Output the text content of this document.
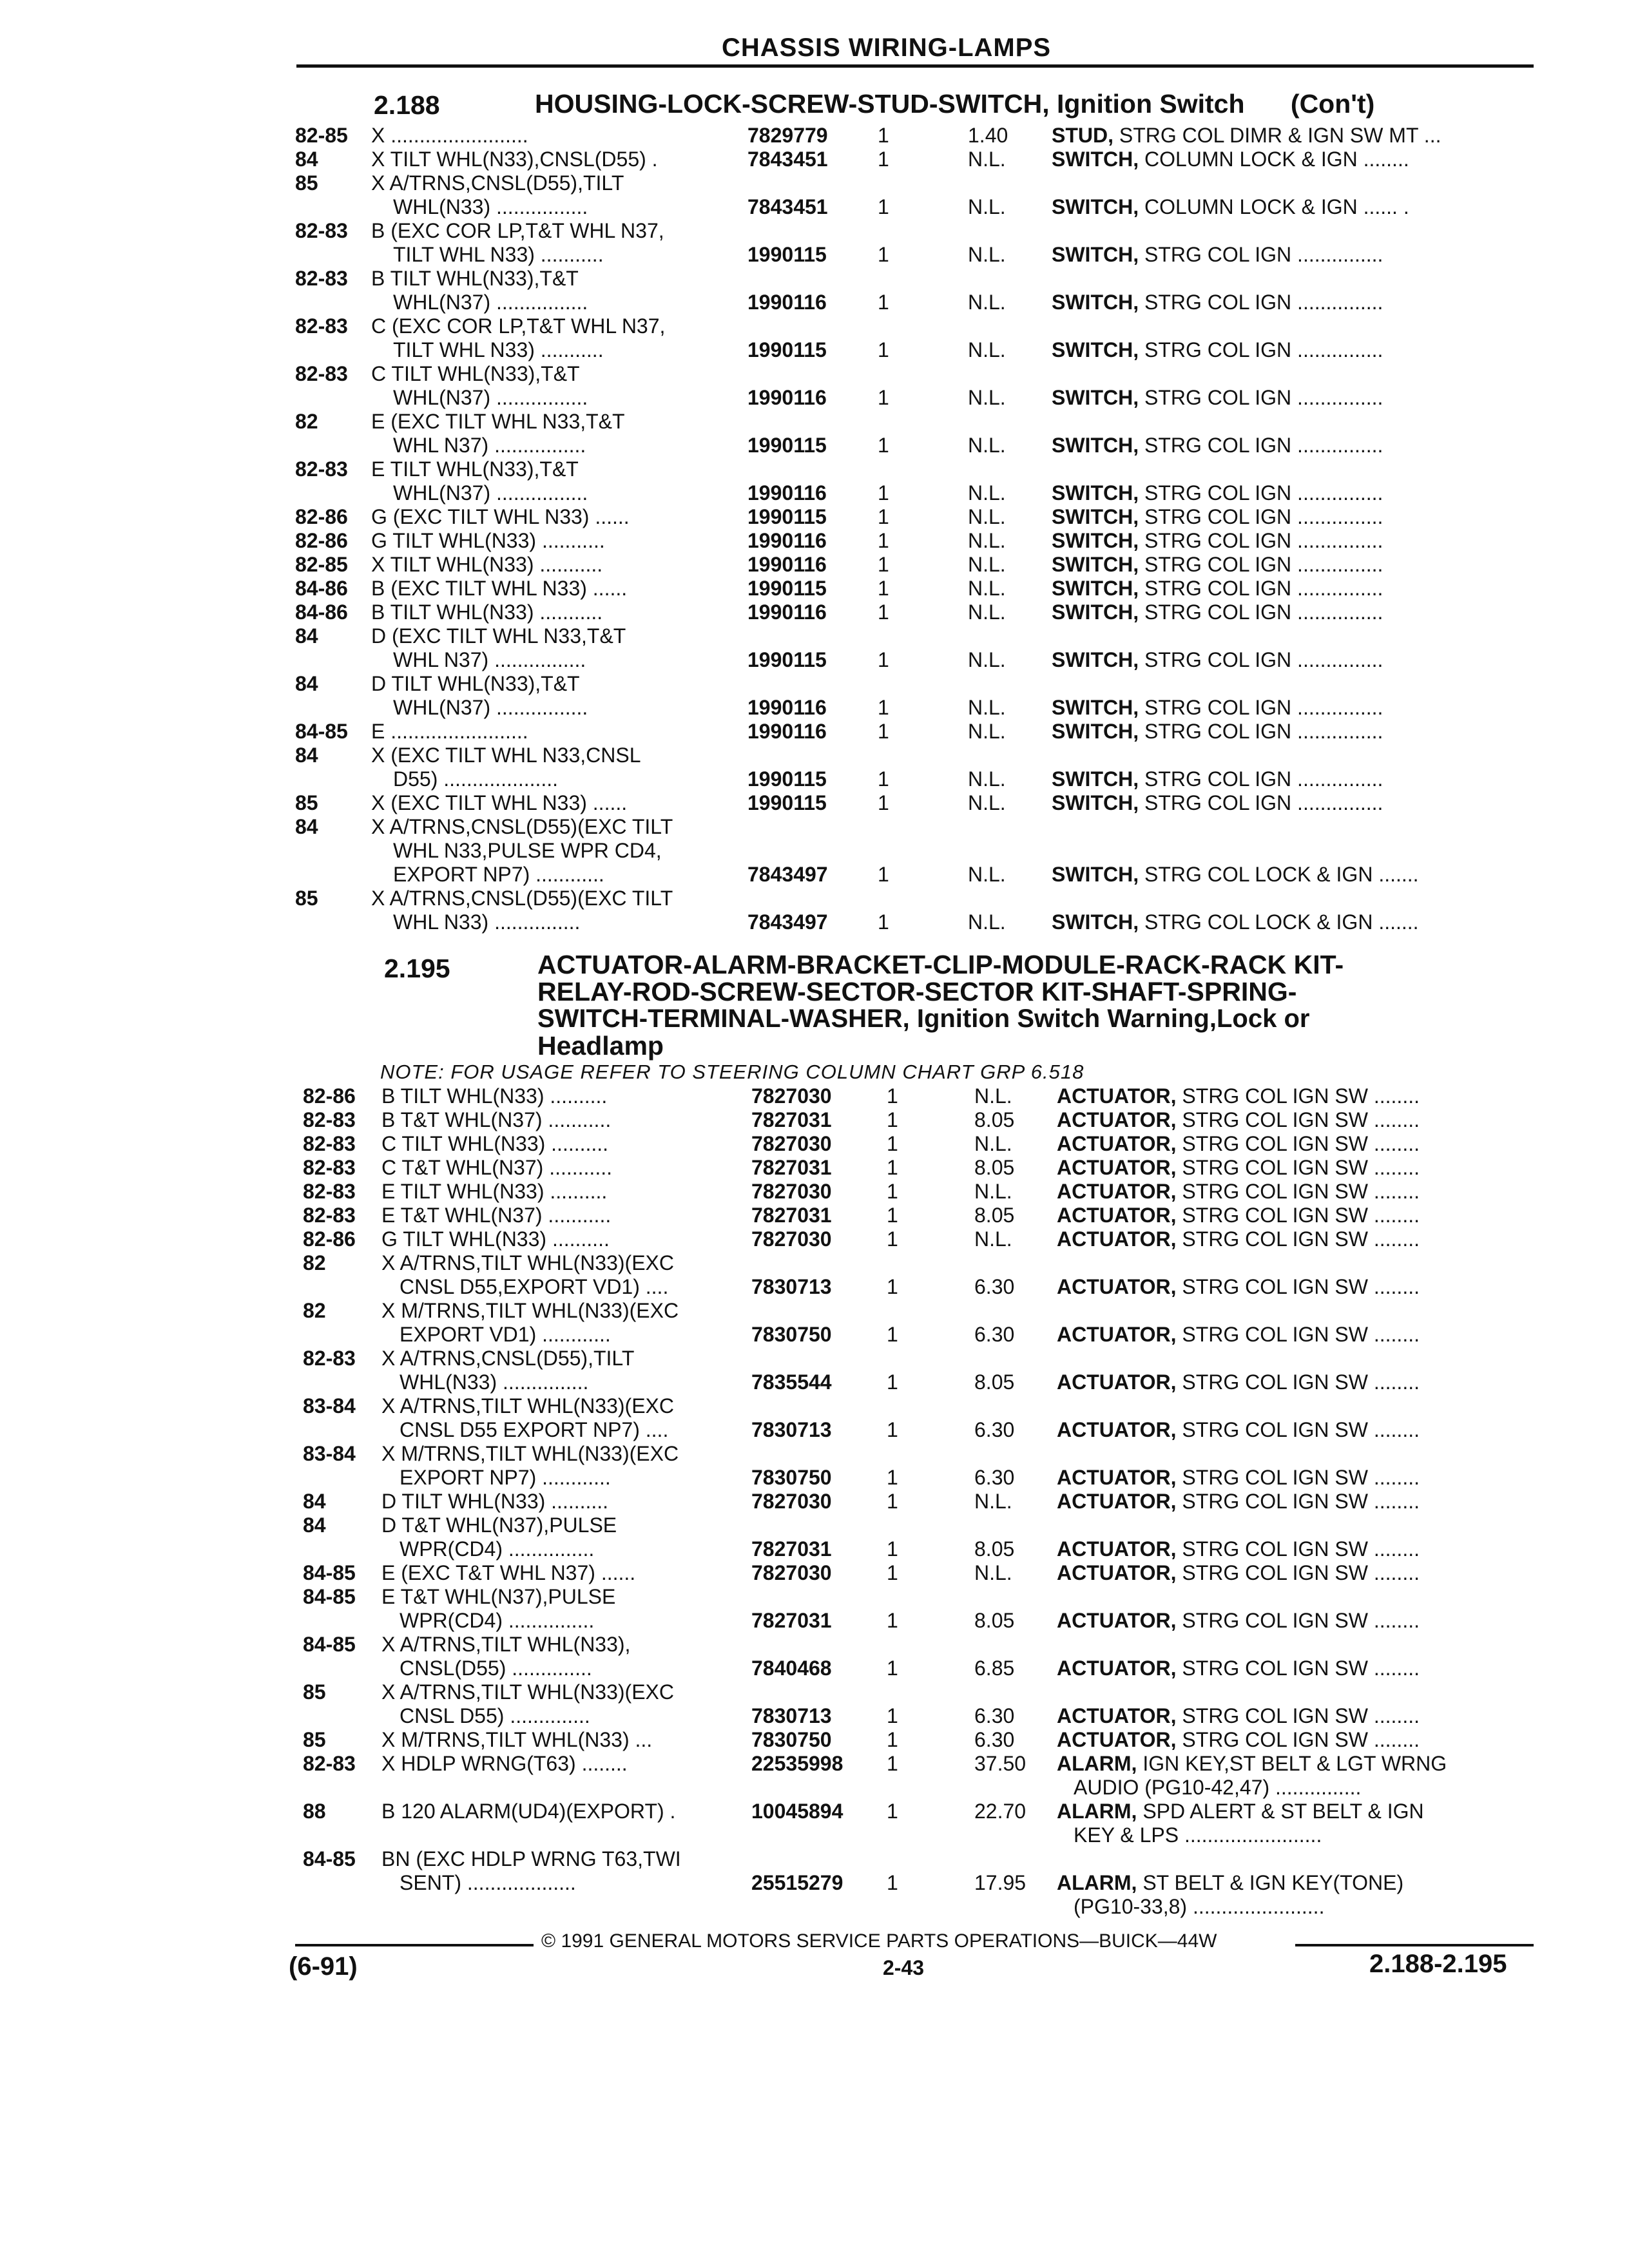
CHASSIS WIRING-LAMPS
2.188	HOUSING-LOCK-SCREW-STUD-SWITCH, Ignition Switch (Con't)
82-85 X ........................	7829779 1	1.40 STUD, STRG COL DIMR & IGN SW MT ...
84	X TILT WHL(N33),CNSL(D55) .	7843451 1	N.L. SWITCH, COLUMN LOCK & IGN ........
85	X A/TRNS,CNSL(D55),TILT
WHL(N33) ................	7843451 1	N.L. SWITCH, COLUMN LOCK & IGN ...... .
82-83 B (EXC COR LP,T&T WHL N37,
TILT WHL N33) ...........	1990115 1	N.L. SWITCH, STRG COL IGN ...............
82-83 B TILT WHL(N33),T&T
WHL(N37) ................	1990116 1	N.L. SWITCH, STRG COL IGN ...............
82-83 C (EXC COR LP,T&T WHL N37,
TILT WHL N33) ...........	1990115 1	N.L. SWITCH, STRG COL IGN ...............
82-83 C TILT WHL(N33),T&T
WHL(N37) ................	1990116 1	N.L. SWITCH, STRG COL IGN ...............
82	E (EXC TILT WHL N33,T&T
WHL N37) ................	1990115 1	N.L. SWITCH, STRG COL IGN ...............
82-83 E TILT WHL(N33),T&T
WHL(N37) ................	1990116 1	N.L. SWITCH, STRG COL IGN ...............
82-86 G (EXC TILT WHL N33) ......	1990115 1	N.L. SWITCH, STRG COL IGN ...............
82-86 G TILT WHL(N33) ...........	1990116 1	N.L. SWITCH, STRG COL IGN ...............
82-85 X TILT WHL(N33) ...........	1990116 1	N.L. SWITCH, STRG COL IGN ...............
84-86 B (EXC TILT WHL N33) ......	1990115 1	N.L. SWITCH, STRG COL IGN ...............
84-86 B TILT WHL(N33) ...........	1990116 1	N.L. SWITCH, STRG COL IGN ...............
84	D (EXC TILT WHL N33,T&T
WHL N37) ................	1990115 1	N.L. SWITCH, STRG COL IGN ...............
84	D TILT WHL(N33),T&T
WHL(N37) ................	1990116 1	N.L. SWITCH, STRG COL IGN ...............
84-85 E ........................	1990116 1	N.L. SWITCH, STRG COL IGN ...............
84	X (EXC TILT WHL N33,CNSL
D55) ....................	1990115 1	N.L. SWITCH, STRG COL IGN ...............
85	X (EXC TILT WHL N33) ......	1990115 1	N.L. SWITCH, STRG COL IGN ...............
84	X A/TRNS,CNSL(D55)(EXC TILT
WHL N33,PULSE WPR CD4,
EXPORT NP7) ............	7843497 1	N.L. SWITCH, STRG COL LOCK & IGN .......
85	X A/TRNS,CNSL(D55)(EXC TILT
WHL N33) ...............	7843497 1	N.L. SWITCH, STRG COL LOCK & IGN .......
2.195	ACTUATOR-ALARM-BRACKET-CLIP-MODULE-RACK-RACK KIT-
RELAY-ROD-SCREW-SECTOR-SECTOR KIT-SHAFT-SPRING-
SWITCH-TERMINAL-WASHER, Ignition Switch Warning,Lock or
Headlamp
NOTE: FOR USAGE REFER TO STEERING COLUMN CHART GRP 6.518
82-86 B TILT WHL(N33) ..........	7827030	1	N.L. ACTUATOR, STRG COL IGN SW ........
82-83 B T&T WHL(N37) ...........	7827031	1	8.05 ACTUATOR, STRG COL IGN SW ........
82-83 C TILT WHL(N33) ..........	7827030	1	N.L. ACTUATOR, STRG COL IGN SW ........
82-83 C T&T WHL(N37) ...........	7827031	1	8.05 ACTUATOR, STRG COL IGN SW ........
82-83 E TILT WHL(N33) ..........	7827030	1	N.L. ACTUATOR, STRG COL IGN SW ........
82-83 E T&T WHL(N37) ...........	7827031	1	8.05 ACTUATOR, STRG COL IGN SW ........
82-86 G TILT WHL(N33) ..........	7827030	1	N.L. ACTUATOR, STRG COL IGN SW ........
82	X A/TRNS,TILT WHL(N33)(EXC
CNSL D55,EXPORT VD1) ....	7830713	1	6.30 ACTUATOR, STRG COL IGN SW ........
82	X M/TRNS,TILT WHL(N33)(EXC
EXPORT VD1) ............	7830750	1	6.30 ACTUATOR, STRG COL IGN SW ........
82-83 X A/TRNS,CNSL(D55),TILT
WHL(N33) ...............	7835544	1	8.05 ACTUATOR, STRG COL IGN SW ........
83-84 X A/TRNS,TILT WHL(N33)(EXC
CNSL D55 EXPORT NP7) ....	7830713	1	6.30 ACTUATOR, STRG COL IGN SW ........
83-84 X M/TRNS,TILT WHL(N33)(EXC
EXPORT NP7) ............	7830750	1	6.30 ACTUATOR, STRG COL IGN SW ........
84	D TILT WHL(N33) ..........	7827030	1	N.L. ACTUATOR, STRG COL IGN SW ........
84	D T&T WHL(N37),PULSE
WPR(CD4) ...............	7827031	1	8.05 ACTUATOR, STRG COL IGN SW ........
84-85 E (EXC T&T WHL N37) ......	7827030	1	N.L. ACTUATOR, STRG COL IGN SW ........
84-85 E T&T WHL(N37),PULSE
WPR(CD4) ...............	7827031	1	8.05 ACTUATOR, STRG COL IGN SW ........
84-85 X A/TRNS,TILT WHL(N33),
CNSL(D55) ..............	7840468	1	6.85 ACTUATOR, STRG COL IGN SW ........
85	X A/TRNS,TILT WHL(N33)(EXC
CNSL D55) ..............	7830713	1	6.30 ACTUATOR, STRG COL IGN SW ........
85	X M/TRNS,TILT WHL(N33) ...	7830750	1	6.30 ACTUATOR, STRG COL IGN SW ........
82-83 X HDLP WRNG(T63) ........	22535998 1	37.50 ALARM, IGN KEY,ST BELT & LGT WRNG
AUDIO (PG10-42,47) ...............
88	B 120 ALARM(UD4)(EXPORT) .	10045894 1	22.70 ALARM, SPD ALERT & ST BELT & IGN
KEY & LPS ........................
84-85 BN (EXC HDLP WRNG T63,TWI
SENT) ...................	25515279 1	17.95 ALARM, ST BELT & IGN KEY(TONE)
(PG10-33,8) .......................
© 1991 GENERAL MOTORS SERVICE PARTS OPERATIONS—BUICK—44W
(6-91)	2-43	2.188-2.195
